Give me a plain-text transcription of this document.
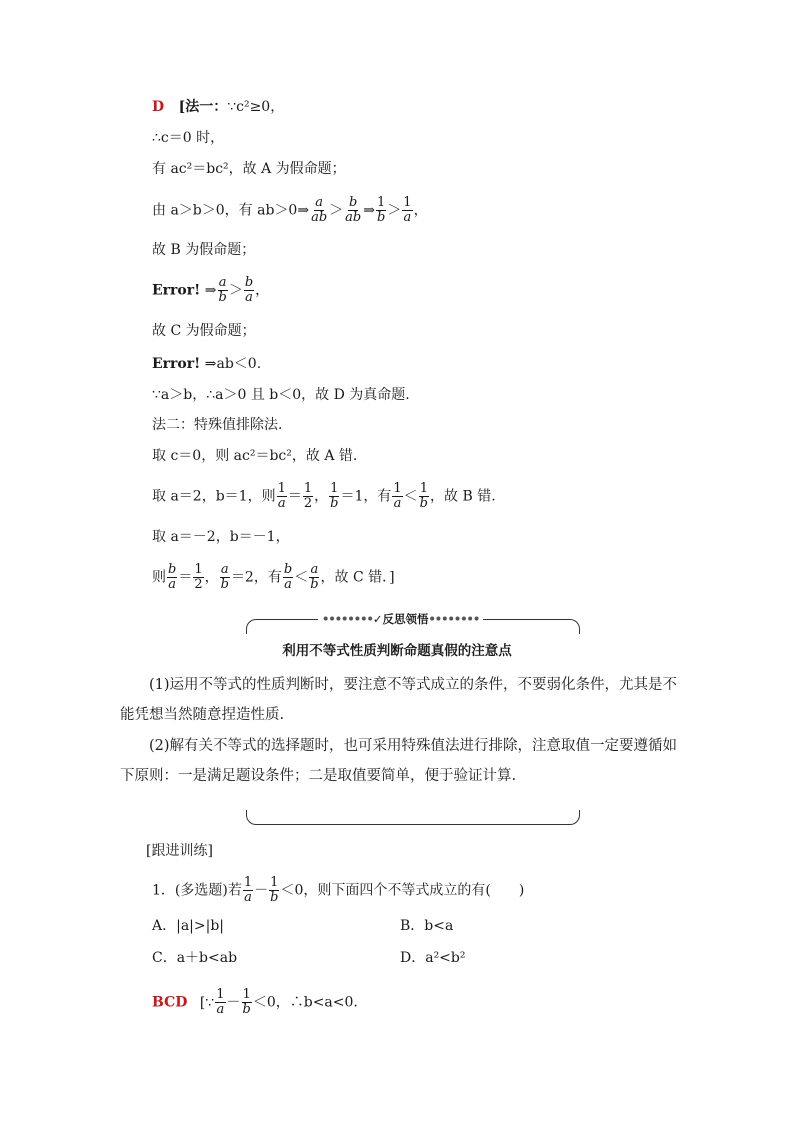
D [法一：∵c²≥0，
∴c＝0 时，
有 ac²＝bc²，故 A 为假命题；
由 a＞b＞0，有 ab＞0⇒ $\frac{a}{ab} > \frac{b}{ab}$ ⇒ $\frac{1}{b} > \frac{1}{a}$ ，
故 B 为假命题；
Error! ⇒ $\frac{a}{b} > \frac{b}{a}$ ，
故 C 为假命题；
Error! ⇒ab＜0.
∵a＞b，∴a＞0 且 b＜0，故 D 为真命题.
法二：特殊值排除法.
取 c＝0，则 ac²＝bc²，故 A 错.
取 a＝2，b＝1，则 $\frac{1}{a} = \frac{1}{2}$ ， $\frac{1}{b} =1$，有 $\frac{1}{a} < \frac{1}{b}$ ，故 B 错.
取 a＝－2，b＝－1，
则 $\frac{b}{a} = \frac{1}{2}$ ， $\frac{a}{b} =2$，有 $\frac{b}{a} < \frac{a}{b}$ ，故 C 错．]
••••••••✓反思领悟••••••••
利用不等式性质判断命题真假的注意点
(1)运用不等式的性质判断时，要注意不等式成立的条件，不要弱化条件，尤其是不能凭想当然随意捏造性质.
(2)解有关不等式的选择题时，也可采用特殊值法进行排除，注意取值一定要遵循如下原则：一是满足题设条件；二是取值要简单，便于验证计算.
[跟进训练]
1．(多选题)若 $\frac{1}{a} - \frac{1}{b} <0$，则下面四个不等式成立的有(　　)
A．|a|>|b|	B．b<a
C．a＋b<ab	D．a²<b²
BCD [∵ $\frac{1}{a} - \frac{1}{b} <0$，∴b<a<0.
